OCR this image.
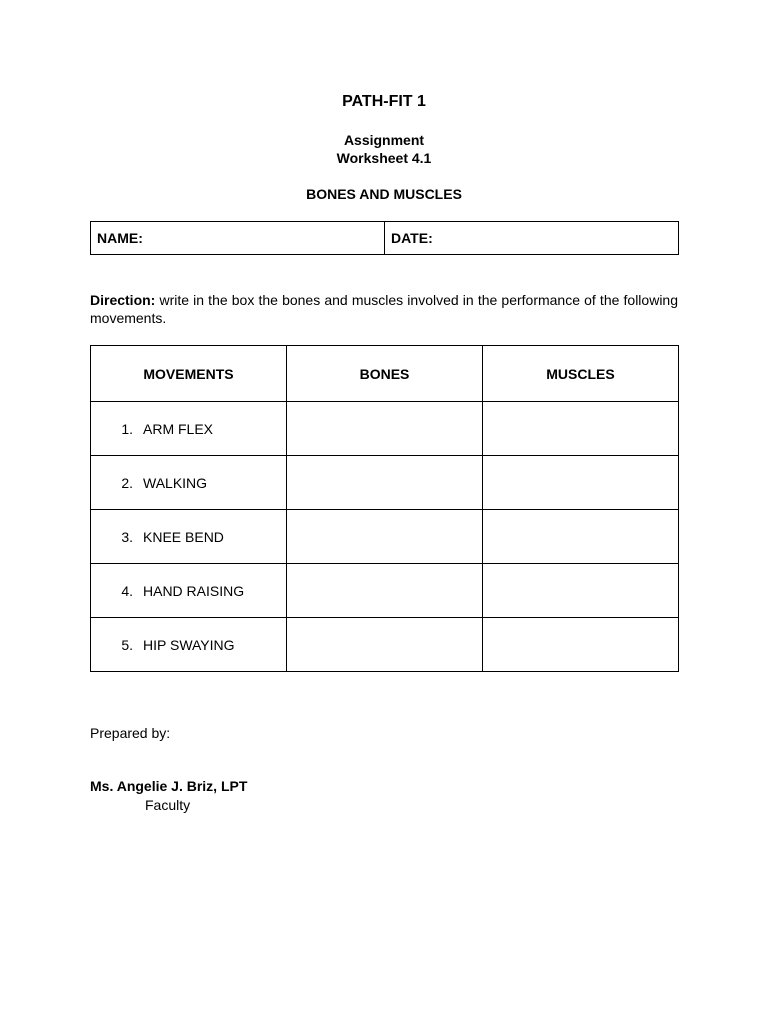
PATH-FIT 1
Assignment
Worksheet 4.1
BONES AND MUSCLES
NAME:	DATE:
Direction: write in the box the bones and muscles involved in the performance of the following movements.
MOVEMENTS	BONES	MUSCLES
1. ARM FLEX		
2. WALKING		
3. KNEE BEND		
4. HAND RAISING		
5. HIP SWAYING		
Prepared by:
Ms. Angelie J. Briz, LPT
Faculty
